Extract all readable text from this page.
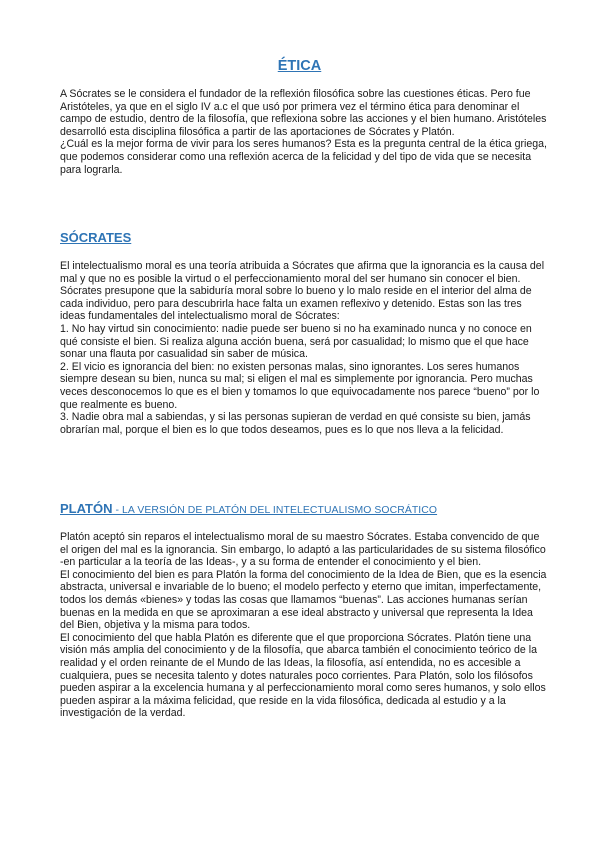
ÉTICA

A Sócrates se le considera el fundador de la reflexión filosófica sobre las cuestiones éticas. Pero fue Aristóteles, ya que en el siglo IV a.c el que usó por primera vez el término ética para denominar el campo de estudio, dentro de la filosofía, que reflexiona sobre las acciones y el bien humano. Aristóteles desarrolló esta disciplina filosófica a partir de las aportaciones de Sócrates y Platón.

¿Cuál es la mejor forma de vivir para los seres humanos? Esta es la pregunta central de la ética griega, que podemos considerar como una reflexión acerca de la felicidad y del tipo de vida que se necesita para lograrla.

SÓCRATES

El intelectualismo moral es una teoría atribuida a Sócrates que afirma que la ignorancia es la causa del mal y que no es posible la virtud o el perfeccionamiento moral del ser humano sin conocer el bien. Sócrates presupone que la sabiduría moral sobre lo bueno y lo malo reside en el interior del alma de cada individuo, pero para descubrirla hace falta un examen reflexivo y detenido. Estas son las tres ideas fundamentales del intelectualismo moral de Sócrates:

1. No hay virtud sin conocimiento: nadie puede ser bueno si no ha examinado nunca y no conoce en qué consiste el bien. Si realiza alguna acción buena, será por casualidad; lo mismo que el que hace sonar una flauta por casualidad sin saber de música.

2. El vicio es ignorancia del bien: no existen personas malas, sino ignorantes. Los seres humanos siempre desean su bien, nunca su mal; si eligen el mal es simplemente por ignorancia. Pero muchas veces desconocemos lo que es el bien y tomamos lo que equivocadamente nos parece “bueno” por lo que realmente es bueno.

3. Nadie obra mal a sabiendas, y si las personas supieran de verdad en qué consiste su bien, jamás obrarían mal, porque el bien es lo que todos deseamos, pues es lo que nos lleva a la felicidad.

PLATÓN - LA VERSIÓN DE PLATÓN DEL INTELECTUALISMO SOCRÁTICO

Platón aceptó sin reparos el intelectualismo moral de su maestro Sócrates. Estaba convencido de que el origen del mal es la ignorancia. Sin embargo, lo adaptó a las particularidades de su sistema filosófico -en particular a la teoría de las Ideas-, y a su forma de entender el conocimiento y el bien.

El conocimiento del bien es para Platón la forma del conocimiento de la Idea de Bien, que es la esencia abstracta, universal e invariable de lo bueno; el modelo perfecto y eterno que imitan, imperfectamente, todos los demás «bienes» y todas las cosas que llamamos “buenas”. Las acciones humanas serían buenas en la medida en que se aproximaran a ese ideal abstracto y universal que representa la Idea del Bien, objetiva y la misma para todos.

El conocimiento del que habla Platón es diferente que el que proporciona Sócrates. Platón tiene una visión más amplia del conocimiento y de la filosofía, que abarca también el conocimiento teórico de la realidad y el orden reinante de el Mundo de las Ideas, la filosofía, así entendida, no es accesible a cualquiera, pues se necesita talento y dotes naturales poco corrientes. Para Platón, solo los filósofos pueden aspirar a la excelencia humana y al perfeccionamiento moral como seres humanos, y solo ellos pueden aspirar a la máxima felicidad, que reside en la vida filosófica, dedicada al estudio y a la investigación de la verdad.
